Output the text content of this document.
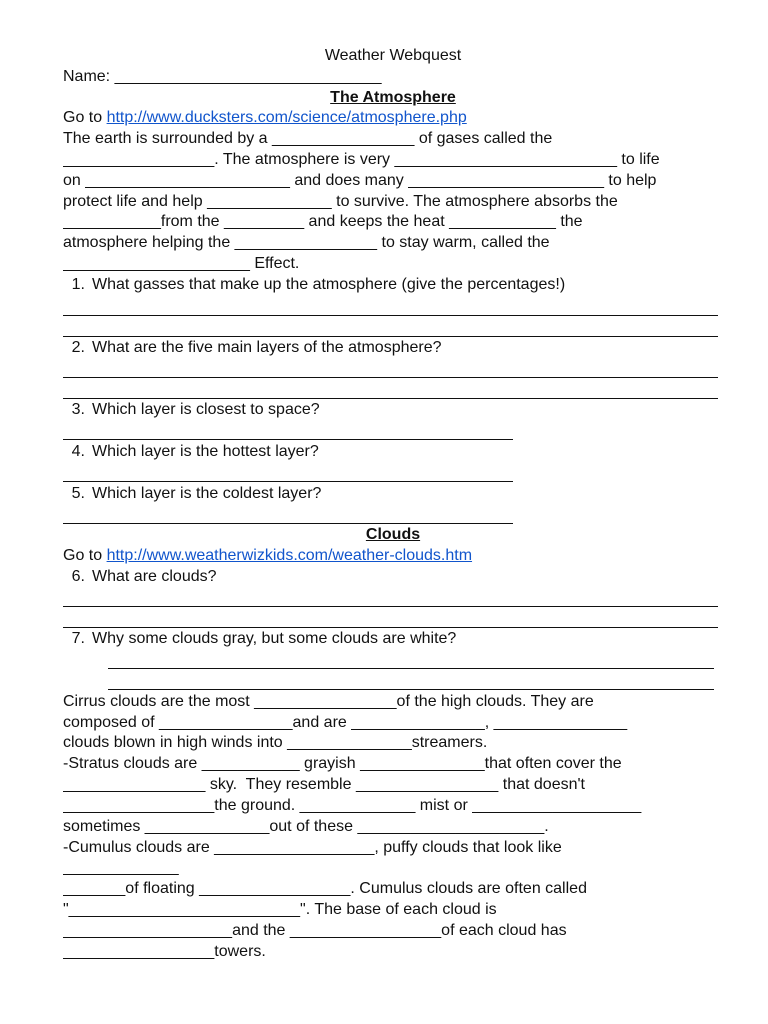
Weather Webquest
Name: ______________________________
The Atmosphere
Go to http://www.ducksters.com/science/atmosphere.php
The earth is surrounded by a ________________ of gases called the
_________________. The atmosphere is very _________________________ to life
on _______________________ and does many ______________________ to help
protect life and help ______________ to survive. The atmosphere absorbs the
___________from the _________ and keeps the heat ____________ the
atmosphere helping the ________________ to stay warm, called the
_____________________ Effect.
1. What gasses that make up the atmosphere (give the percentages!)
2. What are the five main layers of the atmosphere?
3. Which layer is closest to space?
4. Which layer is the hottest layer?
5. Which layer is the coldest layer?
Clouds
Go to http://www.weatherwizkids.com/weather-clouds.htm
6. What are clouds?
7. Why some clouds gray, but some clouds are white?
Cirrus clouds are the most ________________of the high clouds. They are
composed of _______________and are _______________, _______________
clouds blown in high winds into ______________streamers.
-Stratus clouds are ___________ grayish ______________that often cover the
________________ sky.  They resemble ________________ that doesn't
_________________the ground. _____________ mist or ___________________
sometimes ______________out of these _____________________.
-Cumulus clouds are __________________, puffy clouds that look like
_____________
_______of floating _________________. Cumulus clouds are often called
"__________________________". The base of each cloud is
___________________and the _________________of each cloud has
_________________towers.
